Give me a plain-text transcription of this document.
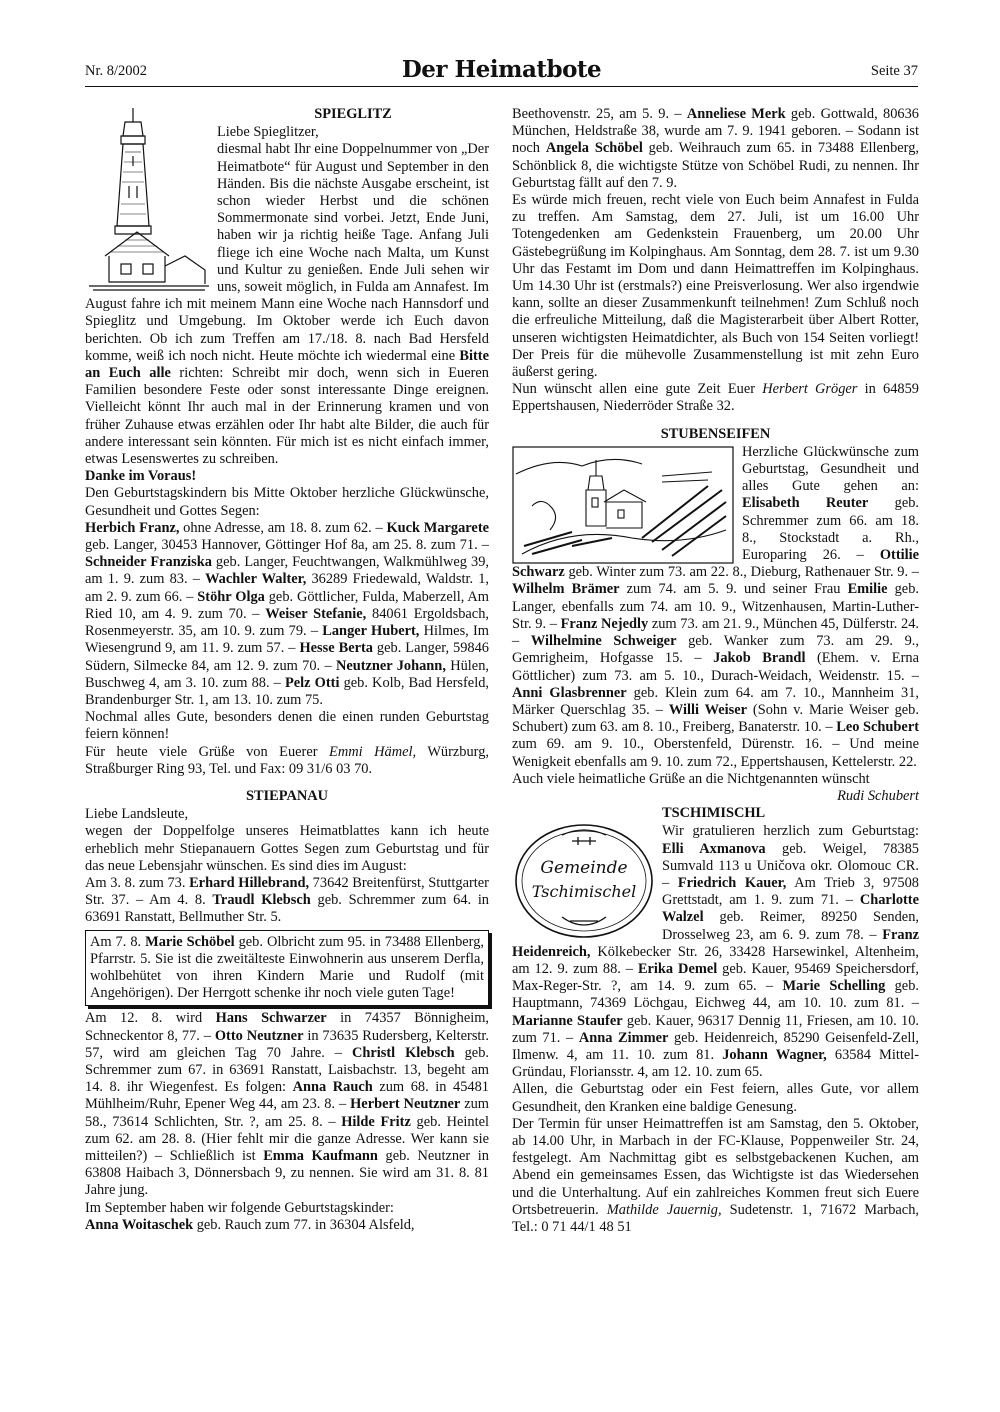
Nr. 8/2002	Der Heimatbote	Seite 37
SPIEGLITZ

Liebe Spieglitzer,

diesmal habt Ihr eine Doppelnummer von „Der Heimatbote“ für August und September in den Händen. Bis die nächste Ausgabe erscheint, ist schon wieder Herbst und die schönen Sommermonate sind vorbei. Jetzt, Ende Juni, haben wir ja richtig heiße Tage. Anfang Juli fliege ich eine Woche nach Malta, um Kunst und Kultur zu genießen. Ende Juli sehen wir uns, soweit möglich, in Fulda am Annafest. Im August fahre ich mit meinem Mann eine Woche nach Hannsdorf und Spieglitz und Umgebung. Im Oktober werde ich Euch davon berichten. Ob ich zum Treffen am 17./18. 8. nach Bad Hersfeld komme, weiß ich noch nicht. Heute möchte ich wiedermal eine Bitte an Euch alle richten: Schreibt mir doch, wenn sich in Eueren Familien besondere Feste oder sonst interessante Dinge ereignen. Vielleicht könnt Ihr auch mal in der Erinnerung kramen und von früher Zuhause etwas erzählen oder Ihr habt alte Bilder, die auch für andere interessant sein könnten. Für mich ist es nicht einfach immer, etwas Lesenswertes zu schreiben.

Danke im Voraus!

Den Geburtstagskindern bis Mitte Oktober herzliche Glückwünsche, Gesundheit und Gottes Segen:

Herbich Franz, ohne Adresse, am 18. 8. zum 62. – Kuck Margarete geb. Langer, 30453 Hannover, Göttinger Hof 8a, am 25. 8. zum 71. – Schneider Franziska geb. Langer, Feuchtwangen, Walkmühlweg 39, am 1. 9. zum 83. – Wachler Walter, 36289 Friedewald, Waldstr. 1, am 2. 9. zum 66. – Stöhr Olga geb. Göttlicher, Fulda, Maberzell, Am Ried 10, am 4. 9. zum 70. – Weiser Stefanie, 84061 Ergoldsbach, Rosenmeyerstr. 35, am 10. 9. zum 79. – Langer Hubert, Hilmes, Im Wiesengrund 9, am 11. 9. zum 57. – Hesse Berta geb. Langer, 59846 Südern, Silmecke 84, am 12. 9. zum 70. – Neutzner Johann, Hülen, Buschweg 4, am 3. 10. zum 88. – Pelz Otti geb. Kolb, Bad Hersfeld, Brandenburger Str. 1, am 13. 10. zum 75.

Nochmal alles Gute, besonders denen die einen runden Geburtstag feiern können!

Für heute viele Grüße von Euerer Emmi Hämel, Würzburg, Straßburger Ring 93, Tel. und Fax: 09 31/6 03 70.

STIEPANAU

Liebe Landsleute,

wegen der Doppelfolge unseres Heimatblattes kann ich heute erheblich mehr Stiepanauern Gottes Segen zum Geburtstag und für das neue Lebensjahr wünschen. Es sind dies im August:

Am 3. 8. zum 73. Erhard Hillebrand, 73642 Breitenfürst, Stuttgarter Str. 37. – Am 4. 8. Traudl Klebsch geb. Schremmer zum 64. in 63691 Ranstatt, Bellmuther Str. 5.

Am 7. 8. Marie Schöbel geb. Olbricht zum 95. in 73488 Ellenberg, Pfarrstr. 5. Sie ist die zweitälteste Einwohnerin aus unserem Derfla, wohlbehütet von ihren Kindern Marie und Rudolf (mit Angehörigen). Der Herrgott schenke ihr noch viele guten Tage!

Am 12. 8. wird Hans Schwarzer in 74357 Bönnigheim, Schneckentor 8, 77. – Otto Neutzner in 73635 Rudersberg, Kelterstr. 57, wird am gleichen Tag 70 Jahre. – Christl Klebsch geb. Schremmer zum 67. in 63691 Ranstatt, Laisbachstr. 13, begeht am 14. 8. ihr Wiegenfest. Es folgen: Anna Rauch zum 68. in 45481 Mühlheim/Ruhr, Epener Weg 44, am 23. 8. – Herbert Neutzner zum 58., 73614 Schlichten, Str. ?, am 25. 8. – Hilde Fritz geb. Heintel zum 62. am 28. 8. (Hier fehlt mir die ganze Adresse. Wer kann sie mitteilen?) – Schließlich ist Emma Kaufmann geb. Neutzner in 63808 Haibach 3, Dönnersbach 9, zu nennen. Sie wird am 31. 8. 81 Jahre jung.

Im September haben wir folgende Geburtstagskinder:

Anna Woitaschek geb. Rauch zum 77. in 36304 Alsfeld,

Beethovenstr. 25, am 5. 9. – Anneliese Merk geb. Gottwald, 80636 München, Heldstraße 38, wurde am 7. 9. 1941 geboren. – Sodann ist noch Angela Schöbel geb. Weihrauch zum 65. in 73488 Ellenberg, Schönblick 8, die wichtigste Stütze von Schöbel Rudi, zu nennen. Ihr Geburtstag fällt auf den 7. 9.

Es würde mich freuen, recht viele von Euch beim Annafest in Fulda zu treffen. Am Samstag, dem 27. Juli, ist um 16.00 Uhr Totengedenken am Gedenkstein Frauenberg, um 20.00 Uhr Gästebegrüßung im Kolpinghaus. Am Sonntag, dem 28. 7. ist um 9.30 Uhr das Festamt im Dom und dann Heimattreffen im Kolpinghaus. Um 14.30 Uhr ist (erstmals?) eine Preisverlosung. Wer also irgendwie kann, sollte an dieser Zusammenkunft teilnehmen! Zum Schluß noch die erfreuliche Mitteilung, daß die Magisterarbeit über Albert Rotter, unseren wichtigsten Heimatdichter, als Buch von 154 Seiten vorliegt! Der Preis für die mühevolle Zusammenstellung ist mit zehn Euro äußerst gering.

Nun wünscht allen eine gute Zeit Euer Herbert Gröger in 64859 Eppertshausen, Niederröder Straße 32.

STUBENSEIFEN

Herzliche Glückwünsche zum Geburtstag, Gesundheit und alles Gute gehen an: Elisabeth Reuter geb. Schremmer zum 66. am 18. 8., Stockstadt a. Rh., Europaring 26. – Ottilie Schwarz geb. Winter zum 73. am 22. 8., Dieburg, Rathenauer Str. 9. – Wilhelm Brämer zum 74. am 5. 9. und seiner Frau Emilie geb. Langer, ebenfalls zum 74. am 10. 9., Witzenhausen, Martin-Luther-Str. 9. – Franz Nejedly zum 73. am 21. 9., München 45, Dülferstr. 24. – Wilhelmine Schweiger geb. Wanker zum 73. am 29. 9., Gemrigheim, Hofgasse 15. – Jakob Brandl (Ehem. v. Erna Göttlicher) zum 73. am 5. 10., Durach-Weidach, Weidenstr. 15. – Anni Glasbrenner geb. Klein zum 64. am 7. 10., Mannheim 31, Märker Querschlag 35. – Willi Weiser (Sohn v. Marie Weiser geb. Schubert) zum 63. am 8. 10., Freiberg, Banaterstr. 10. – Leo Schubert zum 69. am 9. 10., Oberstenfeld, Dürenstr. 16. – Und meine Wenigkeit ebenfalls am 9. 10. zum 72., Eppertshausen, Kettelerstr. 22.

Auch viele heimatliche Grüße an die Nichtgenannten wünscht

Rudi Schubert

Gemeinde
Tschimischel
TSCHIMISCHL

Wir gratulieren herzlich zum Geburtstag: Elli Axmanova geb. Weigel, 78385 Sumvald 113 u Uničova okr. Olomouc CR. – Friedrich Kauer, Am Trieb 3, 97508 Grettstadt, am 1. 9. zum 71. – Charlotte Walzel geb. Reimer, 89250 Senden, Drosselweg 23, am 6. 9. zum 78. – Franz Heidenreich, Kölkebecker Str. 26, 33428 Harsewinkel, Altenheim, am 12. 9. zum 88. – Erika Demel geb. Kauer, 95469 Speichersdorf, Max-Reger-Str. ?, am 14. 9. zum 65. – Marie Schelling geb. Hauptmann, 74369 Löchgau, Eichweg 44, am 10. 10. zum 81. – Marianne Staufer geb. Kauer, 96317 Dennig 11, Friesen, am 10. 10. zum 71. – Anna Zimmer geb. Heidenreich, 85290 Geisenfeld-Zell, Ilmenw. 4, am 11. 10. zum 81. Johann Wagner, 63584 Mittel-Gründau, Floriansstr. 4, am 12. 10. zum 65.

Allen, die Geburtstag oder ein Fest feiern, alles Gute, vor allem Gesundheit, den Kranken eine baldige Genesung.

Der Termin für unser Heimattreffen ist am Samstag, den 5. Oktober, ab 14.00 Uhr, in Marbach in der FC-Klause, Poppenweiler Str. 24, festgelegt. Am Nachmittag gibt es selbstgebackenen Kuchen, am Abend ein gemeinsames Essen, das Wichtigste ist das Wiedersehen und die Unterhaltung. Auf ein zahlreiches Kommen freut sich Euere Ortsbetreuerin. Mathilde Jauernig, Sudetenstr. 1, 71672 Marbach, Tel.: 0 71 44/1 48 51
